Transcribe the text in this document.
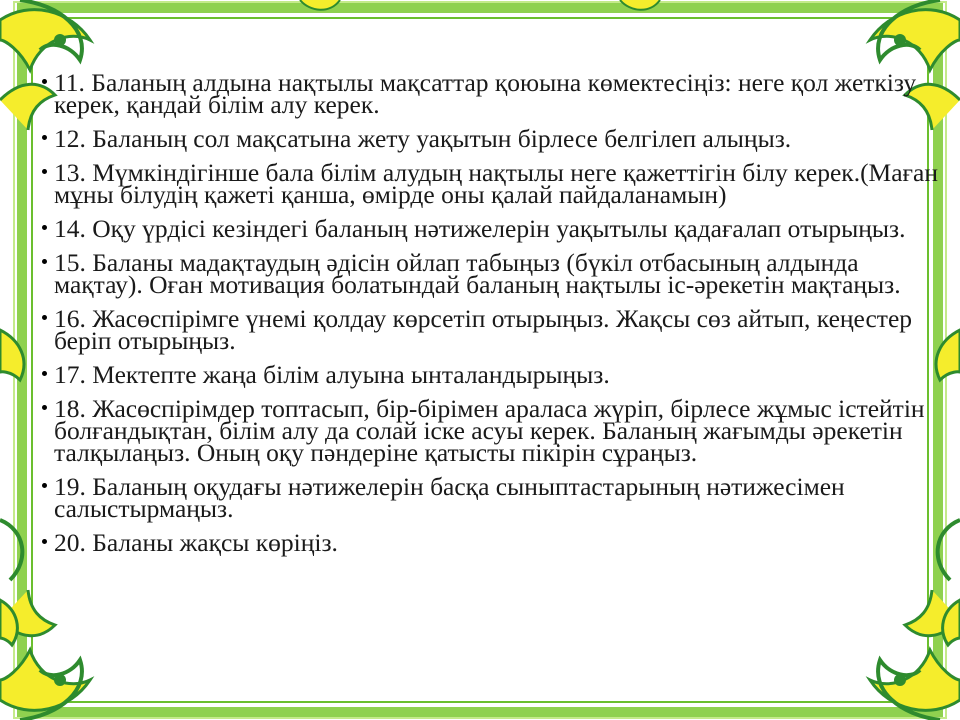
11. Баланың алдына нақтылы мақсаттар қоюына көмектесіңіз: неге қол жеткізу керек, қандай білім алу керек.
12. Баланың сол мақсатына жету уақытын бірлесе белгілеп алыңыз.
13. Мүмкіндігінше бала білім алудың нақтылы неге қажеттігін білу керек.(Маған мұны білудің қажеті қанша, өмірде оны қалай пайдаланамын)
14. Оқу үрдісі кезіндегі баланың нәтижелерін уақытылы қадағалап отырыңыз.
15. Баланы мадақтаудың әдісін ойлап табыңыз (бүкіл отбасының алдында мақтау). Оған мотивация болатындай баланың нақтылы іс-әрекетін мақтаңыз.
16. Жасөспірімге үнемі қолдау көрсетіп отырыңыз. Жақсы сөз айтып, кеңестер беріп отырыңыз.
17. Мектепте жаңа білім алуына ынталандырыңыз.
18. Жасөспірімдер топтасып, бір-бірімен араласа жүріп, бірлесе жұмыс істейтін болғандықтан, білім алу да солай іске асуы керек. Баланың жағымды әрекетін талқылаңыз. Оның оқу пәндеріне қатысты пікірін сұраңыз.
19. Баланың оқудағы нәтижелерін басқа сыныптастарының нәтижесімен салыстырмаңыз.
20. Баланы жақсы көріңіз.
